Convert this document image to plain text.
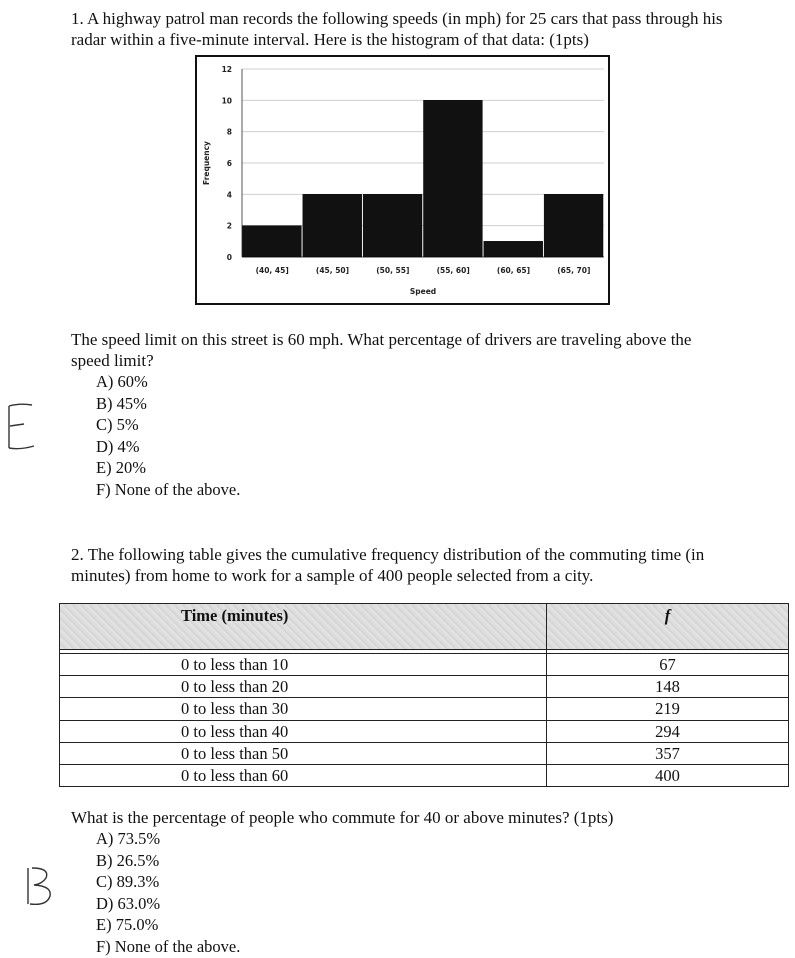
1. A highway patrol man records the following speeds (in mph) for 25 cars that pass through his
radar within a five-minute interval. Here is the histogram of that data: (1pts)
0
2
4
6
8
10
12
(40, 45]	(45, 50]	(50, 55]	(55, 60]	(60, 65]	(65, 70]
Speed
Frequency
The speed limit on this street is 60 mph. What percentage of drivers are traveling above the
speed limit?
A) 60%
B) 45%
C) 5%
D) 4%
E) 20%
F) None of the above.
2. The following table gives the cumulative frequency distribution of the commuting time (in
minutes) from home to work for a sample of 400 people selected from a city.
Time (minutes)	f

0 to less than 10	67
0 to less than 20	148
0 to less than 30	219
0 to less than 40	294
0 to less than 50	357
0 to less than 60	400
What is the percentage of people who commute for 40 or above minutes? (1pts)
A) 73.5%
B) 26.5%
C) 89.3%
D) 63.0%
E) 75.0%
F) None of the above.
